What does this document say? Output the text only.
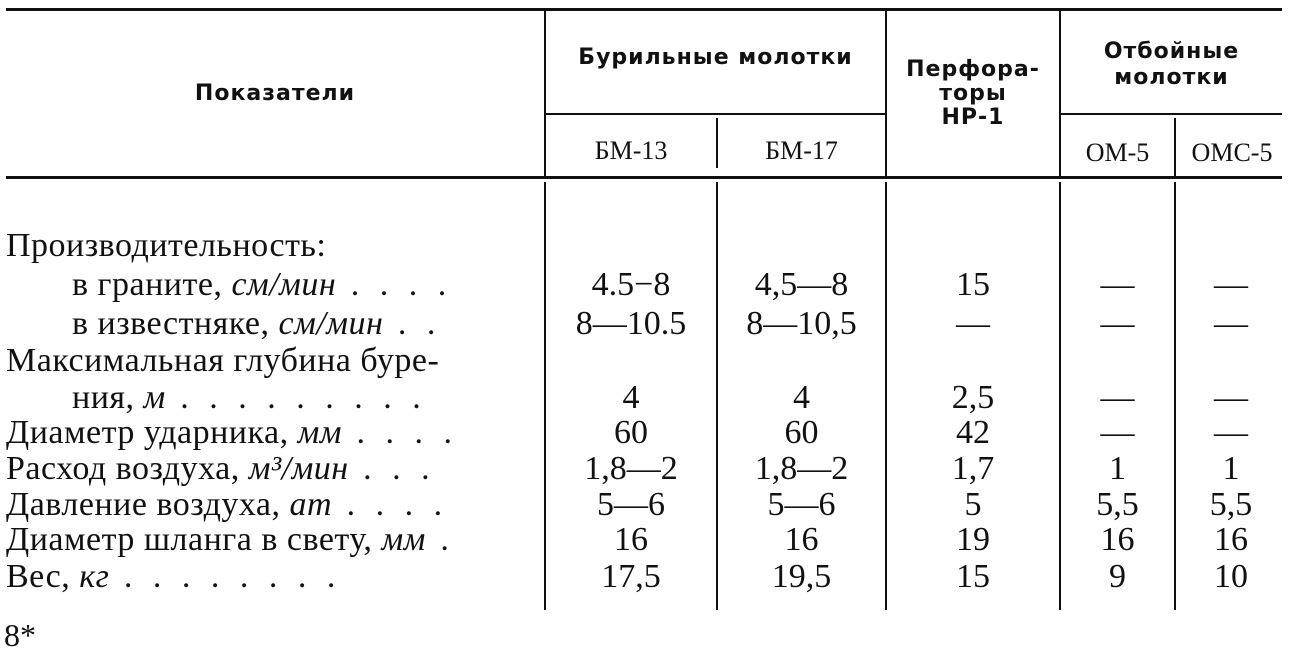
Показатели
Бурильные молотки
БМ-13	БМ-17
Перфора-
торы
НР-1
Отбойные
молотки
ОМ-5	ОМС-5
Производительность:
в граните, см/мин . . . .	4.5−8	4,5—8	15	—	—
в известняке, см/мин . .	8—10.5	8—10,5	—	—	—
Максимальная глубина буре-
ния, м . . . . . . . . .	4	4	2,5	—	—
Диаметр ударника, мм . . . .	60	60	42	—	—
Расход воздуха, м³/мин . . .	1,8—2	1,8—2	1,7	1	1
Давление воздуха, ат . . . .	5—6	5—6	5	5,5	5,5
Диаметр шланга в свету, мм .	16	16	19	16	16
Вес, кг . . . . . . . .	17,5	19,5	15	9	10
8*
